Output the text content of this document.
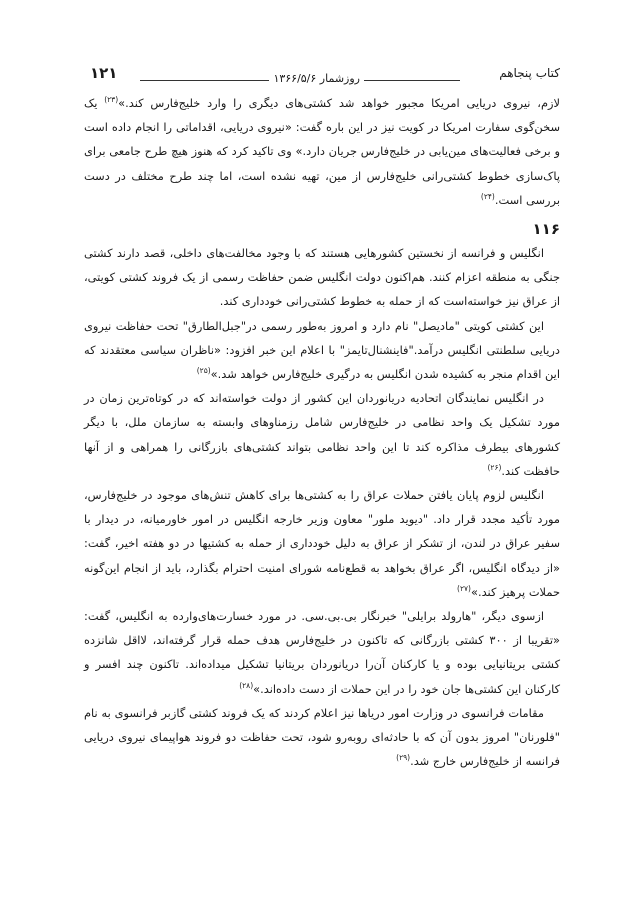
کتاب پنجاهم
روزشمار ۱۳۶۶/۵/۶
۱۲۱

لازم، نیروی دریایی امریکا مجبور خواهد شد کشتی‌های دیگری را وارد خلیج‌فارس کند.»$^{(۲۳)}$ یک سخن‌گوی سفارت امریکا در کویت نیز در این باره گفت: «نیروی دریایی، اقداماتی را انجام داده است و برخی فعالیت‌های مین‌یابی در خلیج‌فارس جریان دارد.» وی تاکید کرد که هنوز هیچ طرح جامعی برای پاک‌سازی خطوط کشتی‌رانی خلیج‌فارس از مین، تهیه نشده است، اما چند طرح مختلف در دست بررسی است.$^{(۲۴)}$

۱۱۶

انگلیس و فرانسه از نخستین کشورهایی هستند که با وجود مخالفت‌های داخلی، قصد دارند کشتی جنگی به منطقه اعزام کنند. هم‌اکنون دولت انگلیس ضمن حفاظت رسمی از یک فروند کشتی کویتی، از عراق نیز خواسته‌است که از حمله به خطوط کشتی‌رانی خودداری کند.

این کشتی کویتی "مادیصل" نام دارد و امروز به‌طور رسمی در"جبل‌الطارق" تحت حفاظت نیروی دریایی سلطنتی انگلیس درآمد."فاینشنال‌تایمز" با اعلام این خبر افزود: «ناظران سیاسی معتقدند که این اقدام منجر به کشیده شدن انگلیس به درگیری خلیج‌فارس خواهد شد.»$^{(۲۵)}$

در انگلیس نمایندگان اتحادیه دریانوردان این کشور از دولت خواسته‌اند که در کوتاه‌ترین زمان در مورد تشکیل یک واحد نظامی در خلیج‌فارس شامل رزمناوهای وابسته به سازمان ملل، با دیگر کشورهای بیطرف مذاکره کند تا این واحد نظامی بتواند کشتی‌های بازرگانی را همراهی و از آنها حافظت کند.$^{(۲۶)}$

انگلیس لزوم پایان یافتن حملات عراق را به کشتی‌ها برای کاهش تنش‌های موجود در خلیج‌فارس، مورد تأکید مجدد قرار داد. "دیوید ملور" معاون وزیر خارجه انگلیس در امور خاورمیانه، در دیدار با سفیر عراق در لندن، از تشکر از عراق به دلیل خودداری از حمله به کشتیها در دو هفته اخیر، گفت: «از دیدگاه انگلیس، اگر عراق بخواهد به قطع‌نامه شورای امنیت احترام بگذارد، باید از انجام این‌گونه حملات پرهیز کند.»$^{(۲۷)}$

ازسوی دیگر، "هارولد برایلی" خبرنگار بی.بی.سی. در مورد خسارت‌های‌وارده به انگلیس، گفت: «تقریبا از ۳۰۰ کشتی بازرگانی که تاکنون در خلیج‌فارس هدف حمله قرار گرفته‌اند، لااقل شانزده کشتی بریتانیایی بوده و یا کارکنان آن‌را دریانوردان بریتانیا تشکیل میداده‌اند. تاکنون چند افسر و کارکنان این کشتی‌ها جان خود را در این حملات از دست داده‌اند.»$^{(۲۸)}$

مقامات فرانسوی در وزارت امور دریاها نیز اعلام کردند که یک فروند کشتی گازبر فرانسوی به نام "فلورنان" امروز بدون آن که با حادثه‌ای روبه‌رو شود، تحت حفاظت دو فروند هواپیمای نیروی دریایی فرانسه از خلیج‌فارس خارج شد.$^{(۲۹)}$
